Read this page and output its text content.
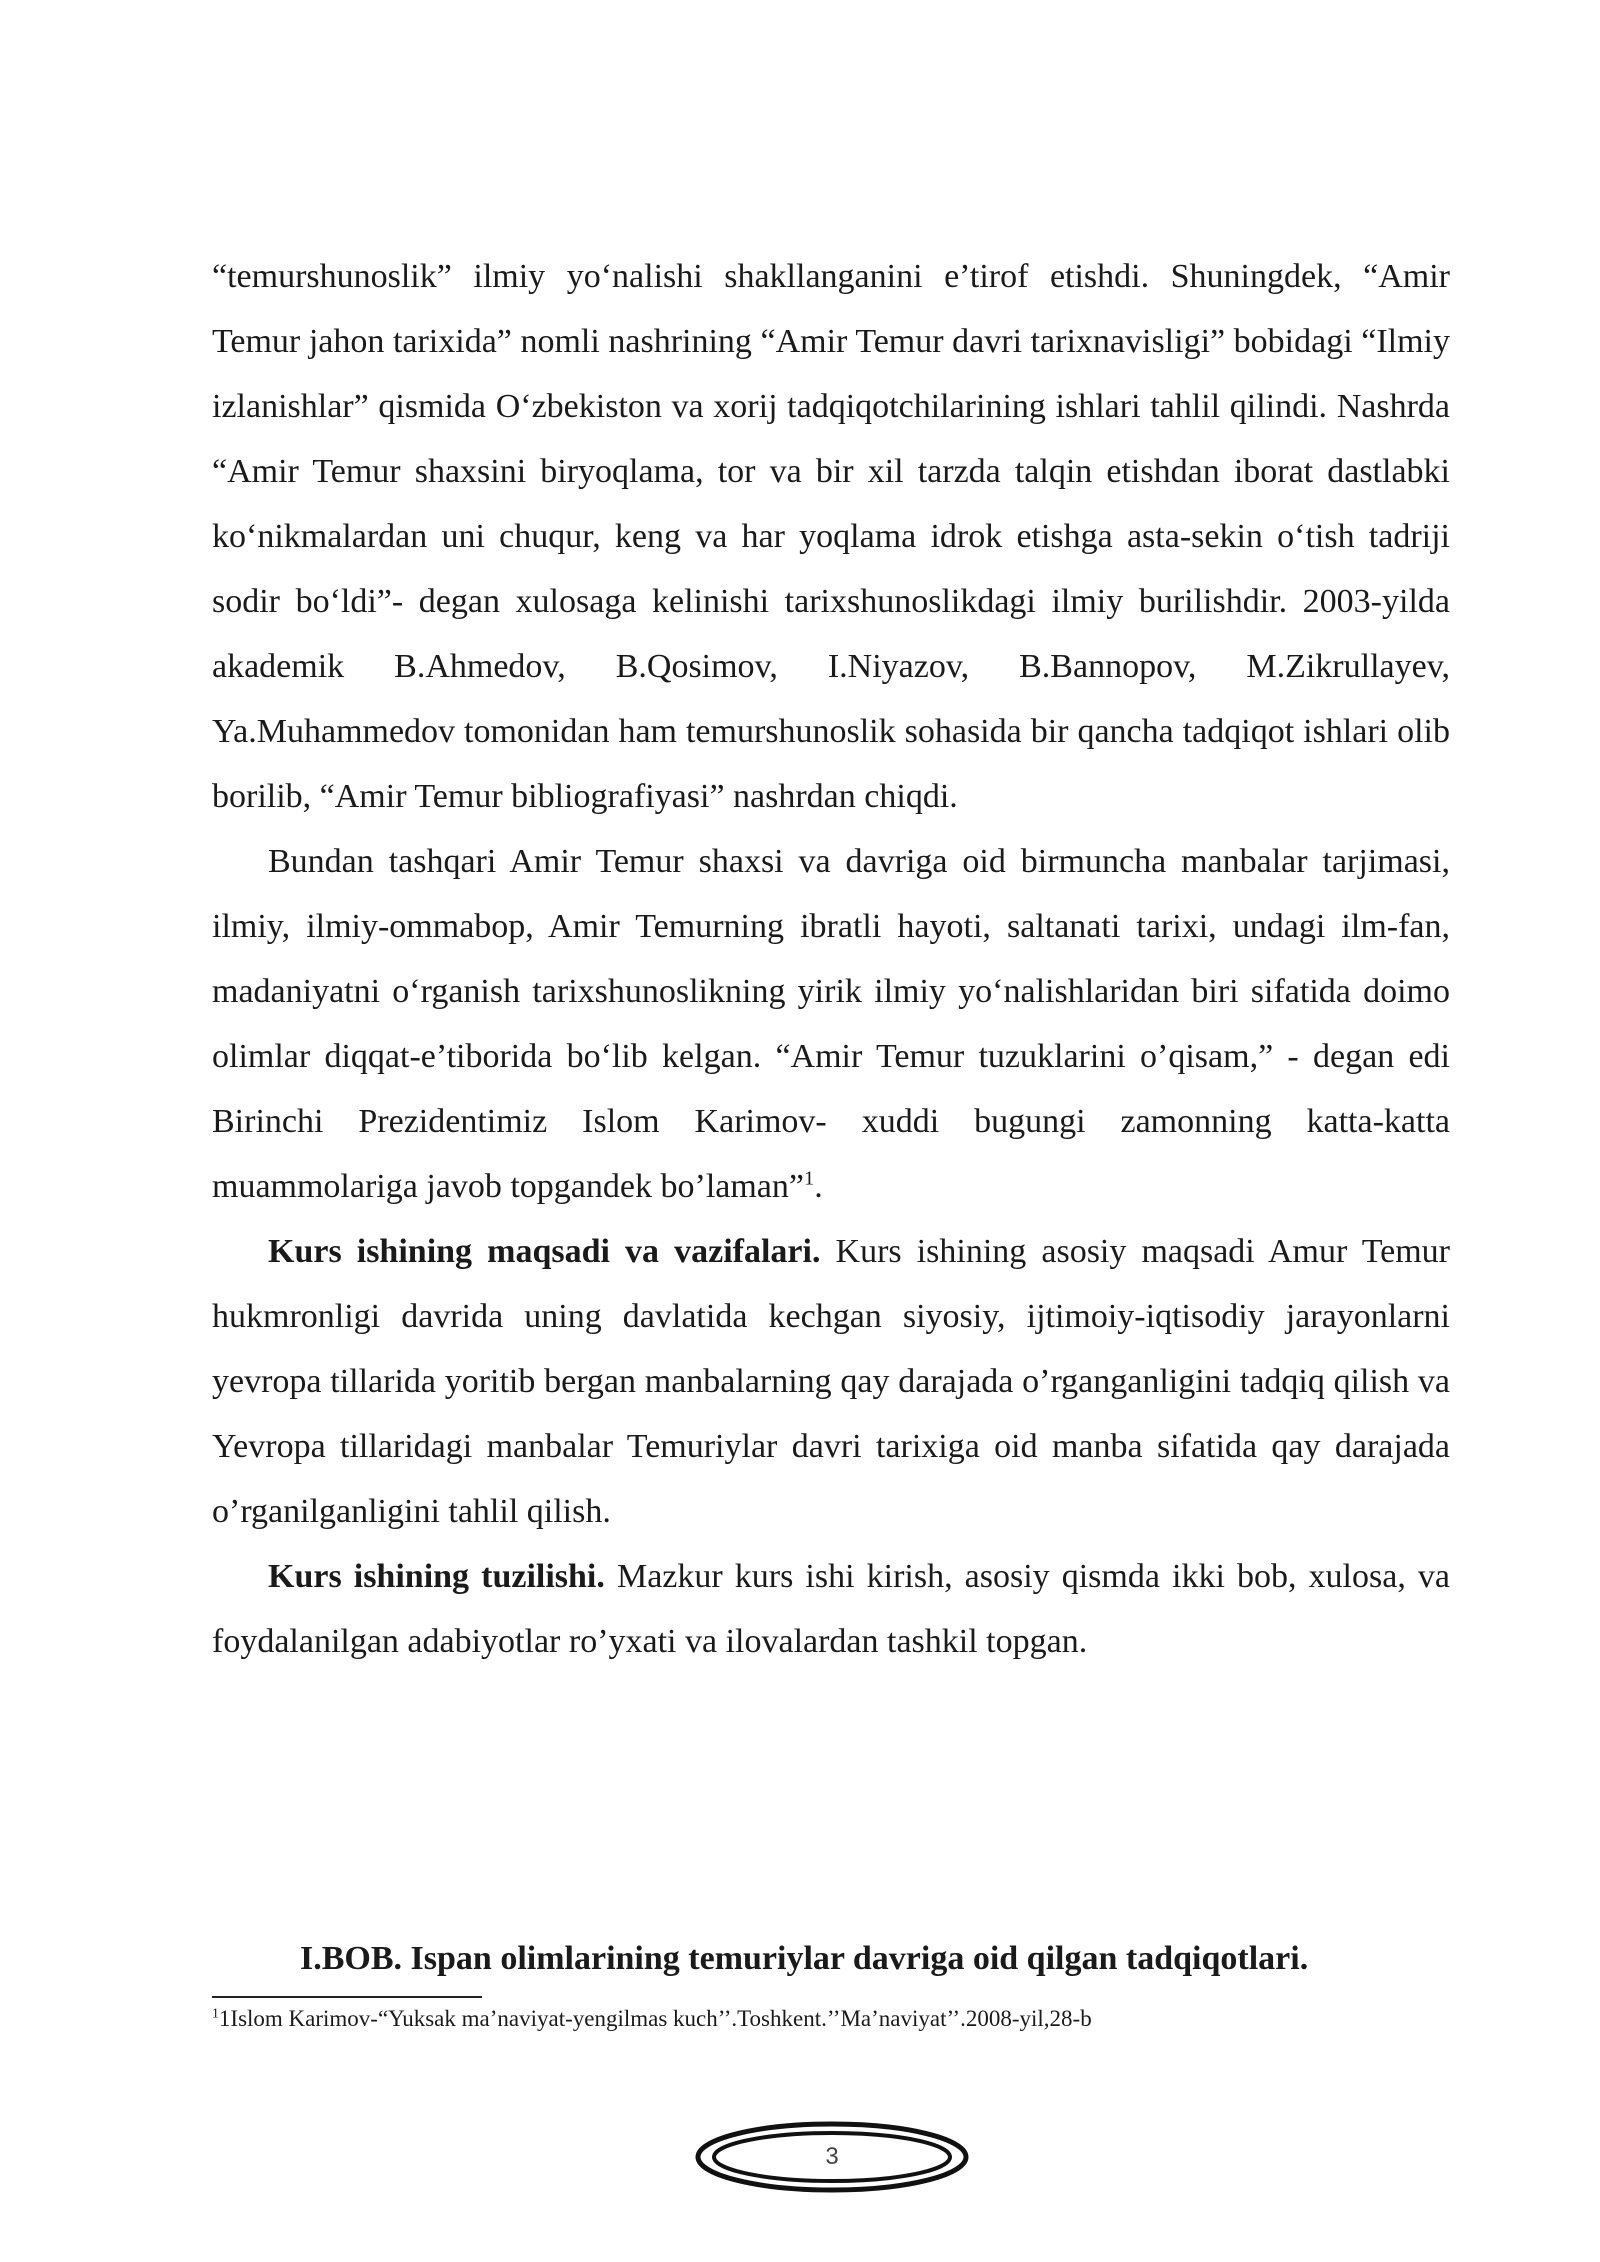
“temurshunoslik” ilmiy yo‘nalishi shakllanganini e’tirof etishdi. Shuningdek, “Amir Temur jahon tarixida” nomli nashrining “Amir Temur davri tarixnavisligi” bobidagi “Ilmiy izlanishlar” qismida O‘zbekiston va xorij tadqiqotchilarining ishlari tahlil qilindi. Nashrda “Amir Temur shaxsini biryoqlama, tor va bir xil tarzda talqin etishdan iborat dastlabki ko‘nikmalardan uni chuqur, keng va har yoqlama idrok etishga asta-sekin o‘tish tadriji sodir bo‘ldi”- degan xulosaga kelinishi tarixshunoslikdagi ilmiy burilishdir. 2003-yilda akademik B.Ahmedov, B.Qosimov, I.Niyazov, B.Bannopov, M.Zikrullayev, Ya.Muhammedov tomonidan ham temurshunoslik sohasida bir qancha tadqiqot ishlari olib borilib, “Amir Temur bibliografiyasi” nashrdan chiqdi.

Bundan tashqari Amir Temur shaxsi va davriga oid birmuncha manbalar tarjimasi, ilmiy, ilmiy-ommabop, Amir Temurning ibratli hayoti, saltanati tarixi, undagi ilm-fan, madaniyatni o‘rganish tarixshunoslikning yirik ilmiy yo‘nalishlaridan biri sifatida doimo olimlar diqqat-e’tiborida bo‘lib kelgan. “Amir Temur tuzuklarini o’qisam,” - degan edi Birinchi Prezidentimiz Islom Karimov- xuddi bugungi zamonning katta-katta muammolariga javob topgandek bo’laman”$^1$.

Kurs ishining maqsadi va vazifalari. Kurs ishining asosiy maqsadi Amur Temur hukmronligi davrida uning davlatida kechgan siyosiy, ijtimoiy-iqtisodiy jarayonlarni yevropa tillarida yoritib bergan manbalarning qay darajada o’rganganligini tadqiq qilish va Yevropa tillaridagi manbalar Temuriylar davri tarixiga oid manba sifatida qay darajada o’rganilganligini tahlil qilish.

Kurs ishining tuzilishi. Mazkur kurs ishi kirish, asosiy qismda ikki bob, xulosa, va foydalanilgan adabiyotlar ro’yxati va ilovalardan tashkil topgan.

I.BOB. Ispan olimlarining temuriylar davriga oid qilgan tadqiqotlari.
$^1$1Islom Karimov-“Yuksak ma’naviyat-yengilmas kuch’’.Toshkent.’’Ma’naviyat’’.2008-yil,28-b
3
